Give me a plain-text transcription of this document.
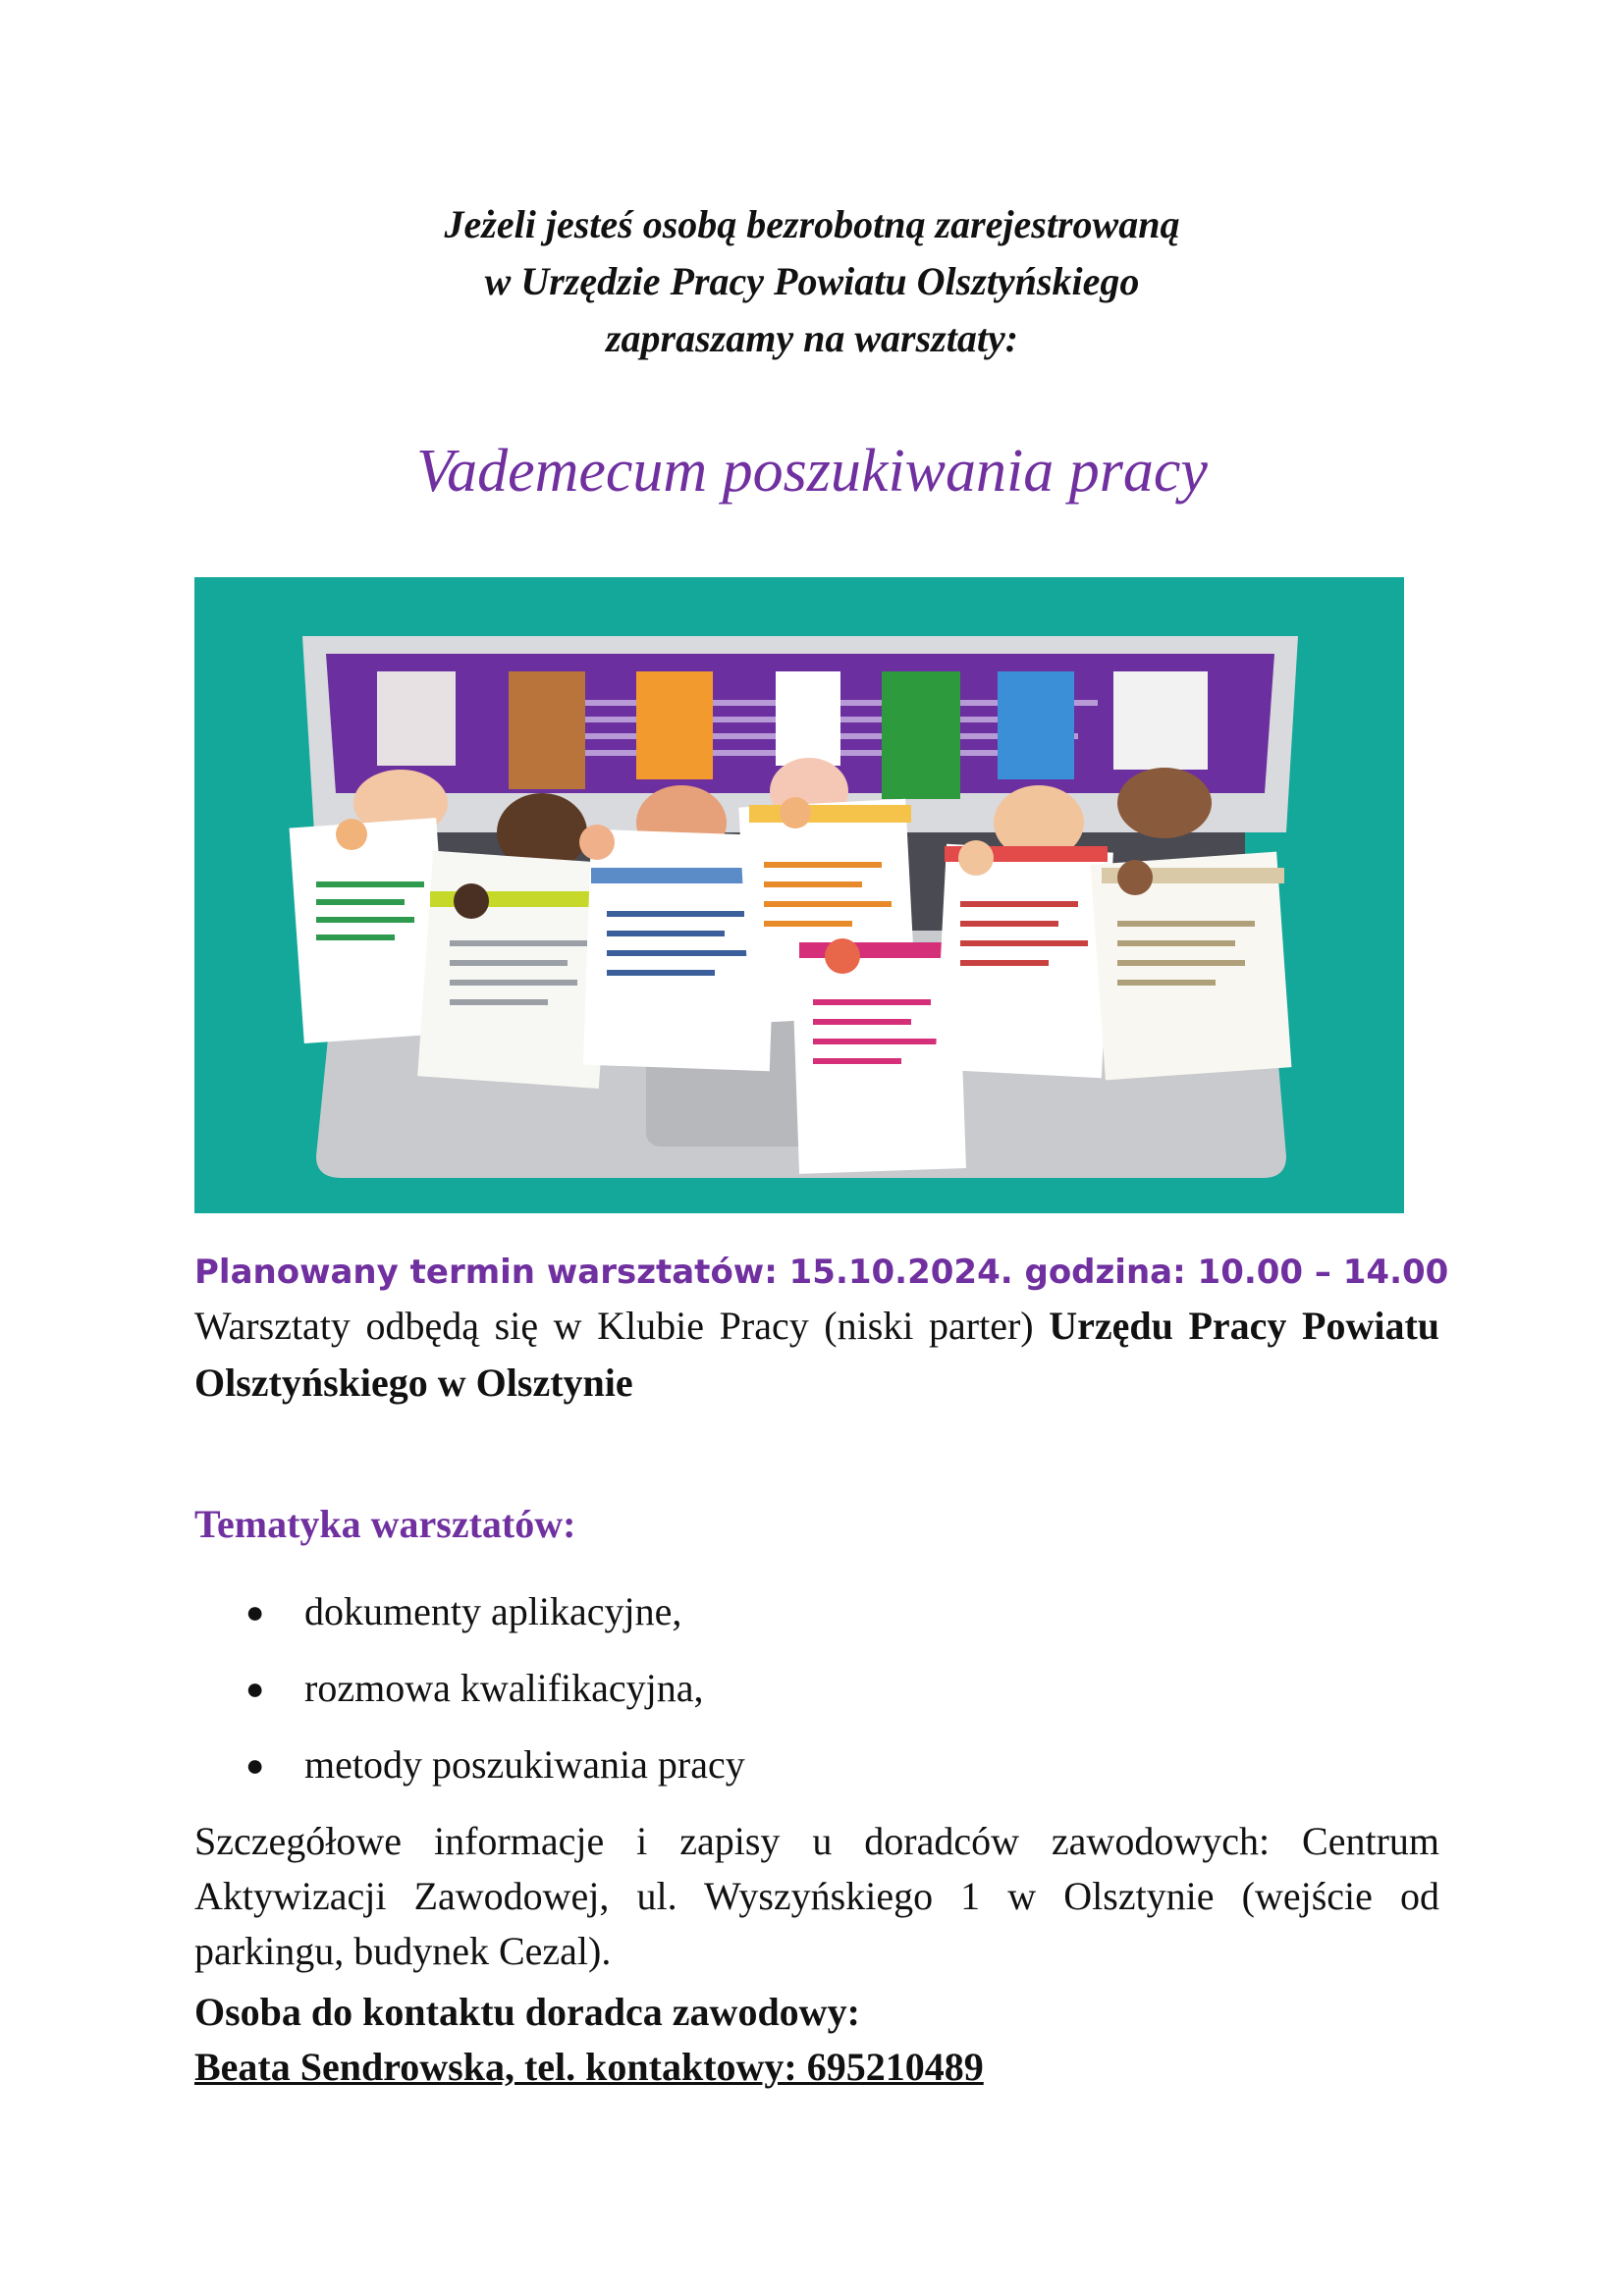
Jeżeli jesteś osobą bezrobotną zarejestrowaną
w Urzędzie Pracy Powiatu Olsztyńskiego
zapraszamy na warsztaty:
Vademecum poszukiwania pracy
Planowany termin warsztatów: 15.10.2024. godzina: 10.00 – 14.00
Warsztaty odbędą się w Klubie Pracy (niski parter) Urzędu Pracy Powiatu Olsztyńskiego w Olsztynie
Tematyka warsztatów:
● dokumenty aplikacyjne,
● rozmowa kwalifikacyjna,
● metody poszukiwania pracy
Szczegółowe informacje i zapisy u doradców zawodowych: Centrum Aktywizacji Zawodowej, ul. Wyszyńskiego 1 w Olsztynie (wejście od parkingu, budynek Cezal).
Osoba do kontaktu doradca zawodowy:
Beata Sendrowska, tel. kontaktowy: 695210489
